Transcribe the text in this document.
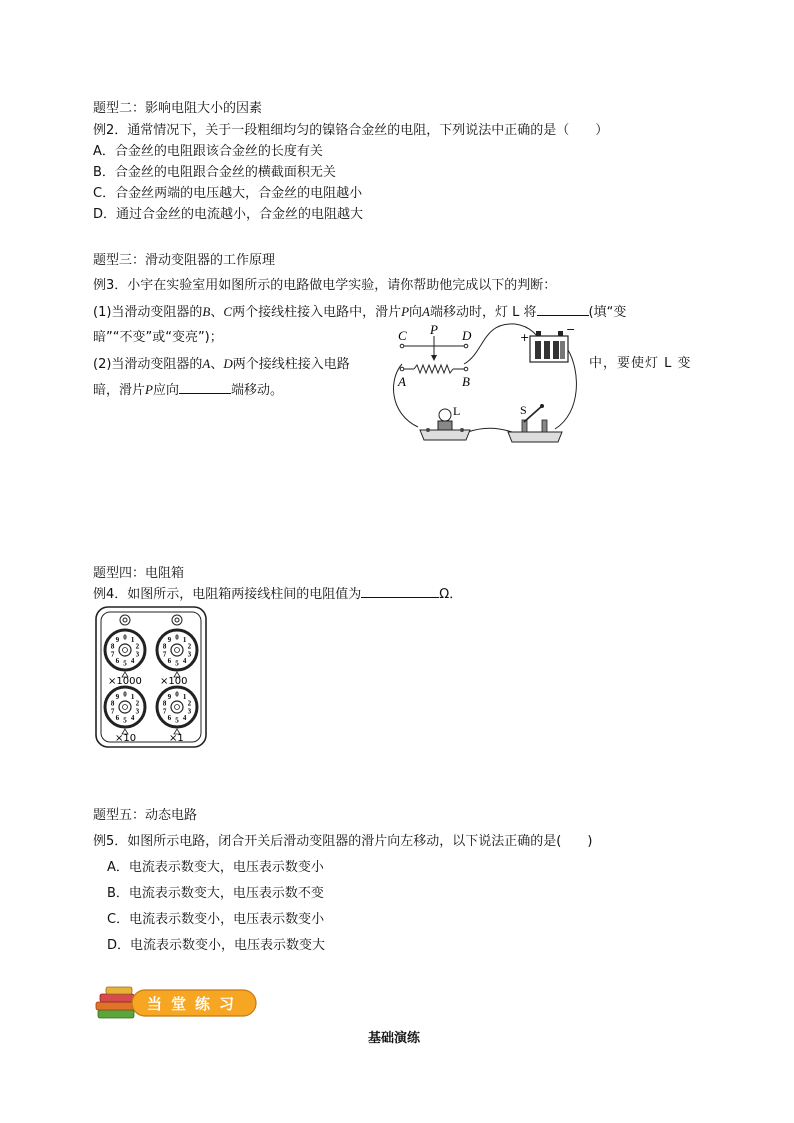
题型二：影响电阻大小的因素
例2．通常情况下，关于一段粗细均匀的镍铬合金丝的电阻，下列说法中正确的是（　　）
A．合金丝的电阻跟该合金丝的长度有关
B．合金丝的电阻跟合金丝的横截面积无关
C．合金丝两端的电压越大，合金丝的电阻越小
D．通过合金丝的电流越小，合金丝的电阻越大
题型三：滑动变阻器的工作原理
例3．小宇在实验室用如图所示的电路做电学实验，请你帮助他完成以下的判断：
(1)当滑动变阻器的B、C两个接线柱接入电路中，滑片P向A端移动时，灯 L 将	(填“变
暗”“不变”或“变亮”)；
(2)当滑动变阻器的A、D两个接线柱接入电路	中，要使灯 L 变
暗，滑片P应向	端移动。
C P D
A	B
+
−
L	S
题型四：电阻箱
例4．如图所示，电阻箱两接线柱间的电阻值为	Ω．
0 1
2
3
4
5
6
7
8
9	0 1
2
3
4
5
6
7
8
9
0 1
2
3
4
5
6
7
8
9	0 1
2
3
4
5
6
7
8
9
×1000 ×100
×10	×1
题型五：动态电路
例5．如图所示电路，闭合开关后滑动变阻器的滑片向左移动，以下说法正确的是(　　)
A．电流表示数变大，电压表示数变小
B．电流表示数变大，电压表示数不变
C．电流表示数变小，电压表示数变小
D．电流表示数变小，电压表示数变大
当堂练习
基础演练
